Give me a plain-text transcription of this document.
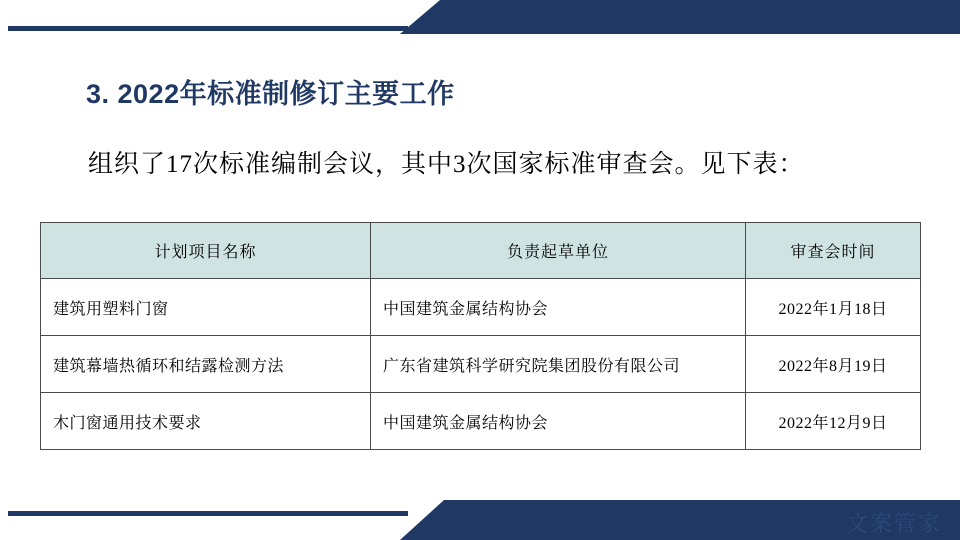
3. 2022年标准制修订主要工作
组织了17次标准编制会议，其中3次国家标准审查会。见下表：
计划项目名称	负责起草单位	审查会时间
建筑用塑料门窗	中国建筑金属结构协会	2022年1月18日
建筑幕墙热循环和结露检测方法	广东省建筑科学研究院集团股份有限公司	2022年8月19日
木门窗通用技术要求	中国建筑金属结构协会	2022年12月9日
文案管家
